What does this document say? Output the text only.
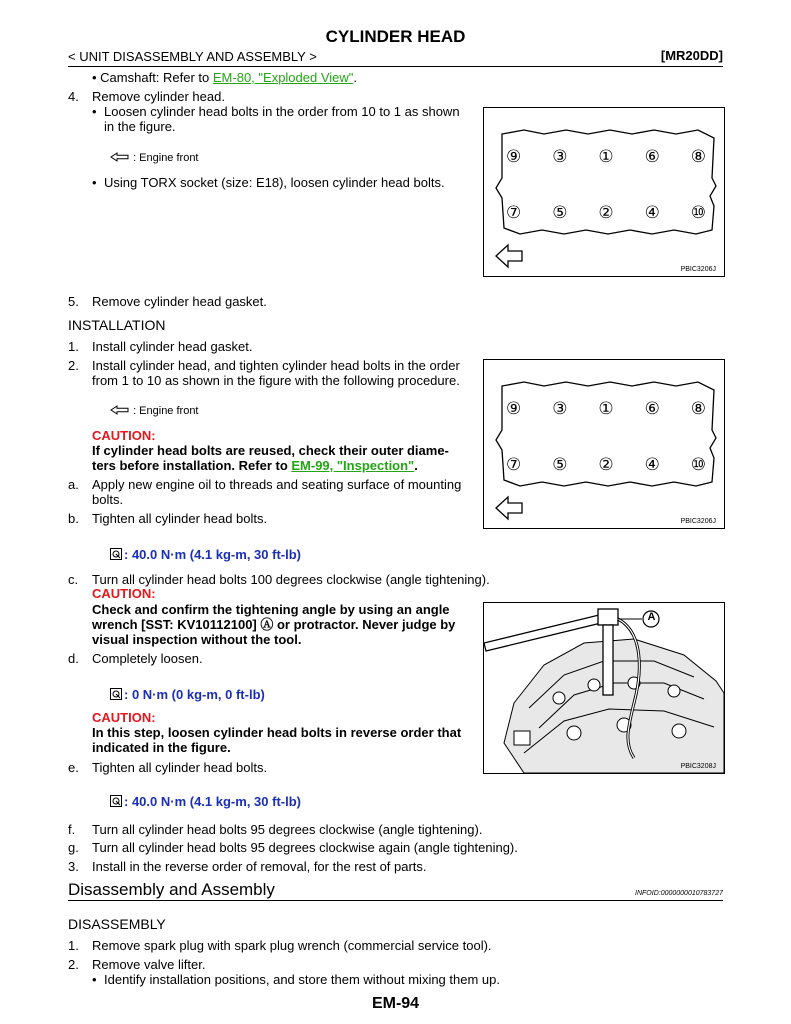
CYLINDER HEAD
< UNIT DISASSEMBLY AND ASSEMBLY >	[MR20DD]
• Camshaft: Refer to EM-80, "Exploded View".
4. Remove cylinder head.
• Loosen cylinder head bolts in the order from 10 to 1 as shown
in the figure.
: Engine front
• Using TORX socket (size: E18), loosen cylinder head bolts.
⑨ ③ ① ⑥ ⑧
⑦ ⑤ ② ④ ⑩
PBIC3206J
5. Remove cylinder head gasket.
INSTALLATION
1. Install cylinder head gasket.
2. Install cylinder head, and tighten cylinder head bolts in the order
from 1 to 10 as shown in the figure with the following procedure.
: Engine front
CAUTION:
If cylinder head bolts are reused, check their outer diame-
ters before installation. Refer to EM-99, "Inspection".
a. Apply new engine oil to threads and seating surface of mounting
bolts.
b. Tighten all cylinder head bolts.
⑨ ③ ① ⑥ ⑧
⑦ ⑤ ② ④ ⑩
PBIC3206J
: 40.0 N·m (4.1 kg-m, 30 ft-lb)
c. Turn all cylinder head bolts 100 degrees clockwise (angle tightening).
CAUTION:
Check and confirm the tightening angle by using an angle
wrench [SST: KV10112100] Ⓐ or protractor. Never judge by
visual inspection without the tool.
A
PBIC3208J
d. Completely loosen.
: 0 N·m (0 kg-m, 0 ft-lb)
CAUTION:
In this step, loosen cylinder head bolts in reverse order that
indicated in the figure.
e. Tighten all cylinder head bolts.
: 40.0 N·m (4.1 kg-m, 30 ft-lb)
f. Turn all cylinder head bolts 95 degrees clockwise (angle tightening).
g. Turn all cylinder head bolts 95 degrees clockwise again (angle tightening).
3. Install in the reverse order of removal, for the rest of parts.
Disassembly and Assembly	INFOID:0000000010783727
DISASSEMBLY
1. Remove spark plug with spark plug wrench (commercial service tool).
2. Remove valve lifter.
• Identify installation positions, and store them without mixing them up.
EM-94
